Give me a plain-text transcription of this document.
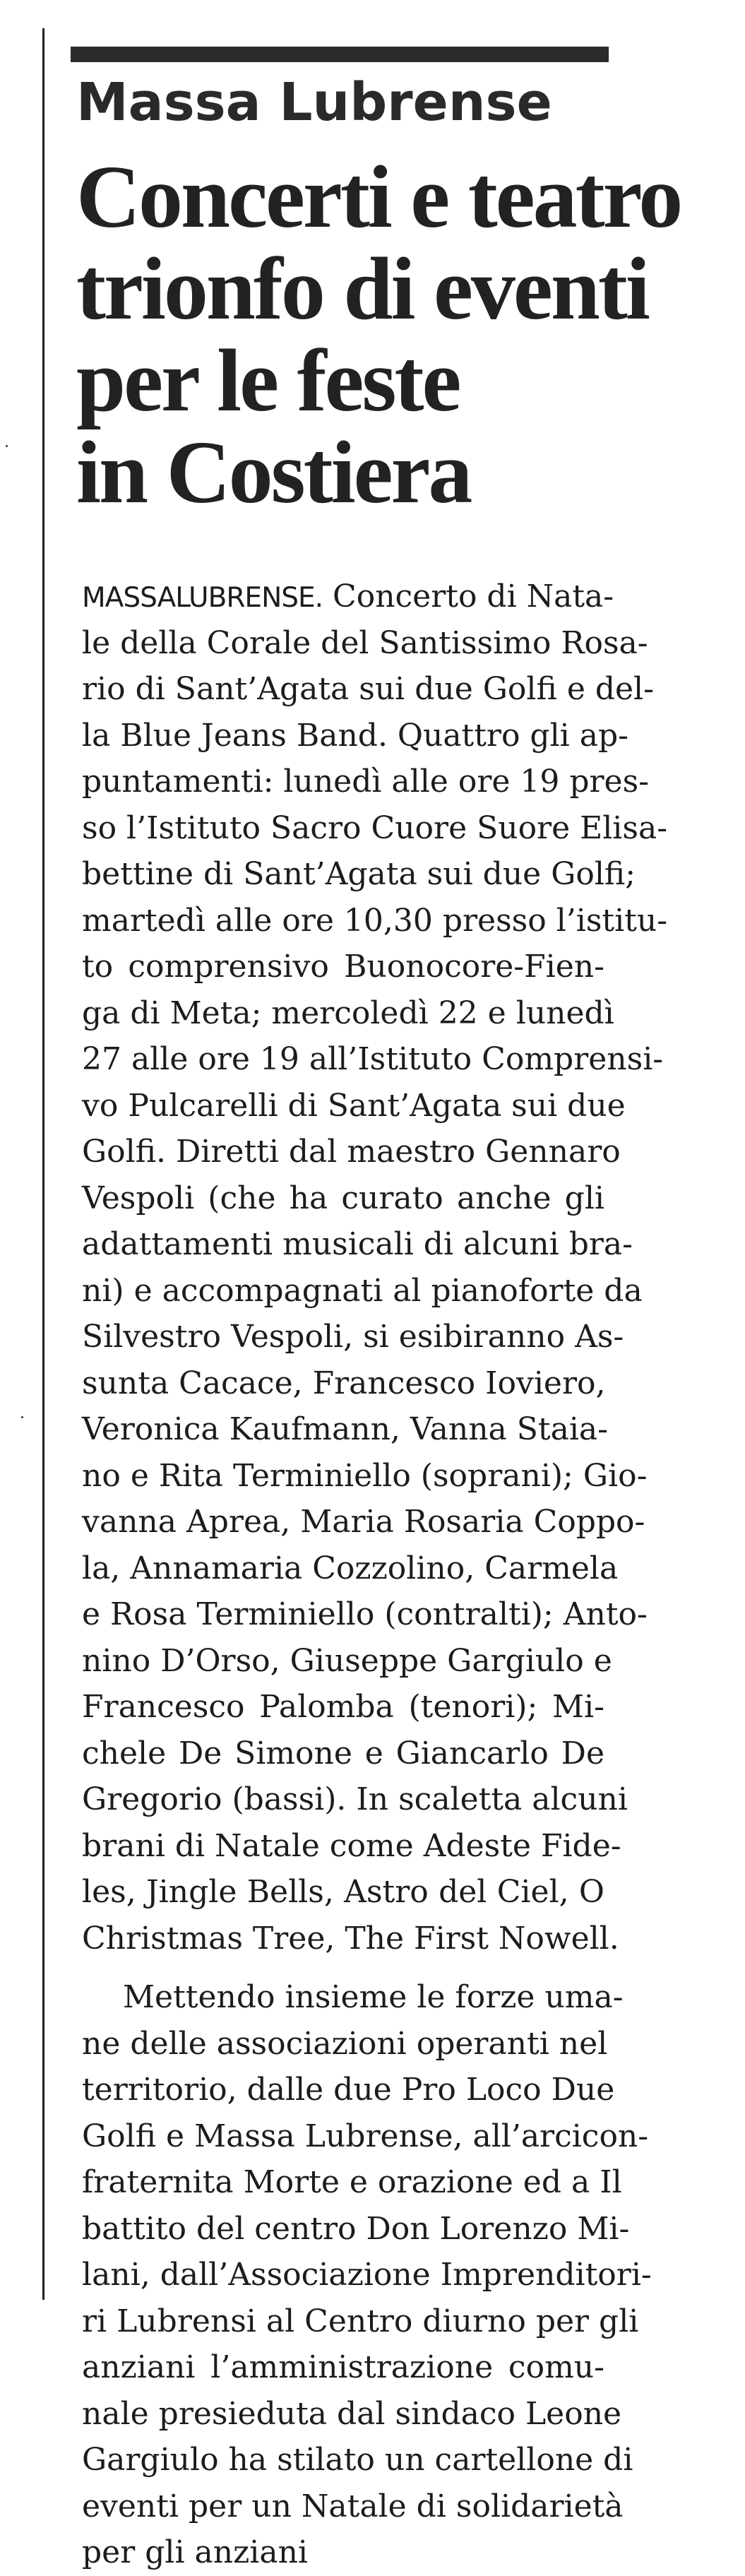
Massa Lubrense
Concerti e teatro
trionfo di eventi
per le feste
in Costiera
MASSALUBRENSE. Concerto di Nata-
le della Corale del Santissimo Rosa-
rio di Sant’Agata sui due Golfi e del-
la Blue Jeans Band. Quattro gli ap-
puntamenti: lunedì alle ore 19 pres-
so l’Istituto Sacro Cuore Suore Elisa-
bettine di Sant’Agata sui due Golfi;
martedì alle ore 10,30 presso l’istitu-
to comprensivo Buonocore-Fien-
ga di Meta; mercoledì 22 e lunedì
27 alle ore 19 all’Istituto Comprensi-
vo Pulcarelli di Sant’Agata sui due
Golfi. Diretti dal maestro Gennaro
Vespoli (che ha curato anche gli
adattamenti musicali di alcuni bra-
ni) e accompagnati al pianoforte da
Silvestro Vespoli, si esibiranno As-
sunta Cacace, Francesco Ioviero,
Veronica Kaufmann, Vanna Staia-
no e Rita Terminiello (soprani); Gio-
vanna Aprea, Maria Rosaria Coppo-
la, Annamaria Cozzolino, Carmela
e Rosa Terminiello (contralti); Anto-
nino D’Orso, Giuseppe Gargiulo e
Francesco Palomba (tenori); Mi-
chele De Simone e Giancarlo De
Gregorio (bassi). In scaletta alcuni
brani di Natale come Adeste Fide-
les, Jingle Bells, Astro del Ciel, O
Christmas Tree, The First Nowell.
Mettendo insieme le forze uma-
ne delle associazioni operanti nel
territorio, dalle due Pro Loco Due
Golfi e Massa Lubrense, all’arcicon-
fraternita Morte e orazione ed a Il
battito del centro Don Lorenzo Mi-
lani, dall’Associazione Imprenditori-
ri Lubrensi al Centro diurno per gli
anziani l’amministrazione comu-
nale presieduta dal sindaco Leone
Gargiulo ha stilato un cartellone di
eventi per un Natale di solidarietà
per gli anziani
